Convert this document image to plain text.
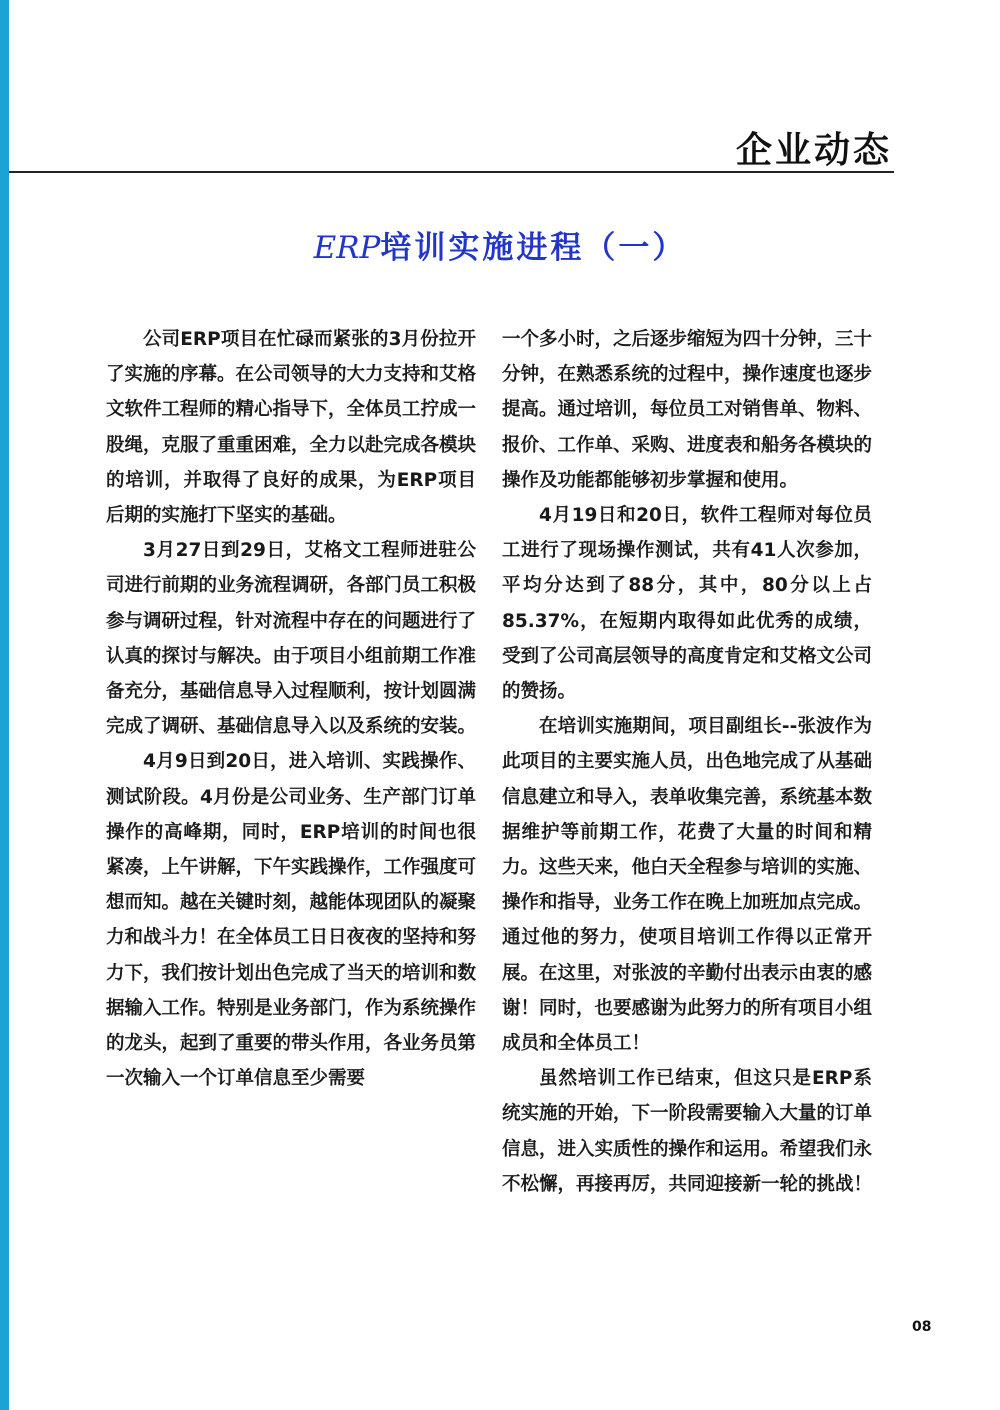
企业动态
ERP培训实施进程（一）

公司ERP项目在忙碌而紧张的3月份拉开了实施的序幕。在公司领导的大力支持和艾格文软件工程师的精心指导下，全体员工拧成一股绳，克服了重重困难，全力以赴完成各模块的培训，并取得了良好的成果，为ERP项目后期的实施打下坚实的基础。

3月27日到29日，艾格文工程师进驻公司进行前期的业务流程调研，各部门员工积极参与调研过程，针对流程中存在的问题进行了认真的探讨与解决。由于项目小组前期工作准备充分，基础信息导入过程顺利，按计划圆满完成了调研、基础信息导入以及系统的安装。

4月9日到20日，进入培训、实践操作、测试阶段。4月份是公司业务、生产部门订单操作的高峰期，同时，ERP培训的时间也很紧凑，上午讲解，下午实践操作，工作强度可想而知。越在关键时刻，越能体现团队的凝聚力和战斗力！在全体员工日日夜夜的坚持和努力下，我们按计划出色完成了当天的培训和数据输入工作。特别是业务部门，作为系统操作的龙头，起到了重要的带头作用，各业务员第一次输入一个订单信息至少需要

一个多小时，之后逐步缩短为四十分钟，三十分钟，在熟悉系统的过程中，操作速度也逐步提高。通过培训，每位员工对销售单、物料、报价、工作单、采购、进度表和船务各模块的操作及功能都能够初步掌握和使用。

4月19日和20日，软件工程师对每位员工进行了现场操作测试，共有41人次参加，平均分达到了88分，其中，80分以上占85.37%，在短期内取得如此优秀的成绩，受到了公司高层领导的高度肯定和艾格文公司的赞扬。

在培训实施期间，项目副组长--张波作为此项目的主要实施人员，出色地完成了从基础信息建立和导入，表单收集完善，系统基本数据维护等前期工作，花费了大量的时间和精力。这些天来，他白天全程参与培训的实施、操作和指导，业务工作在晚上加班加点完成。通过他的努力，使项目培训工作得以正常开展。在这里，对张波的辛勤付出表示由衷的感谢！同时，也要感谢为此努力的所有项目小组成员和全体员工！

虽然培训工作已结束，但这只是ERP系统实施的开始，下一阶段需要输入大量的订单信息，进入实质性的操作和运用。希望我们永不松懈，再接再厉，共同迎接新一轮的挑战！

08
